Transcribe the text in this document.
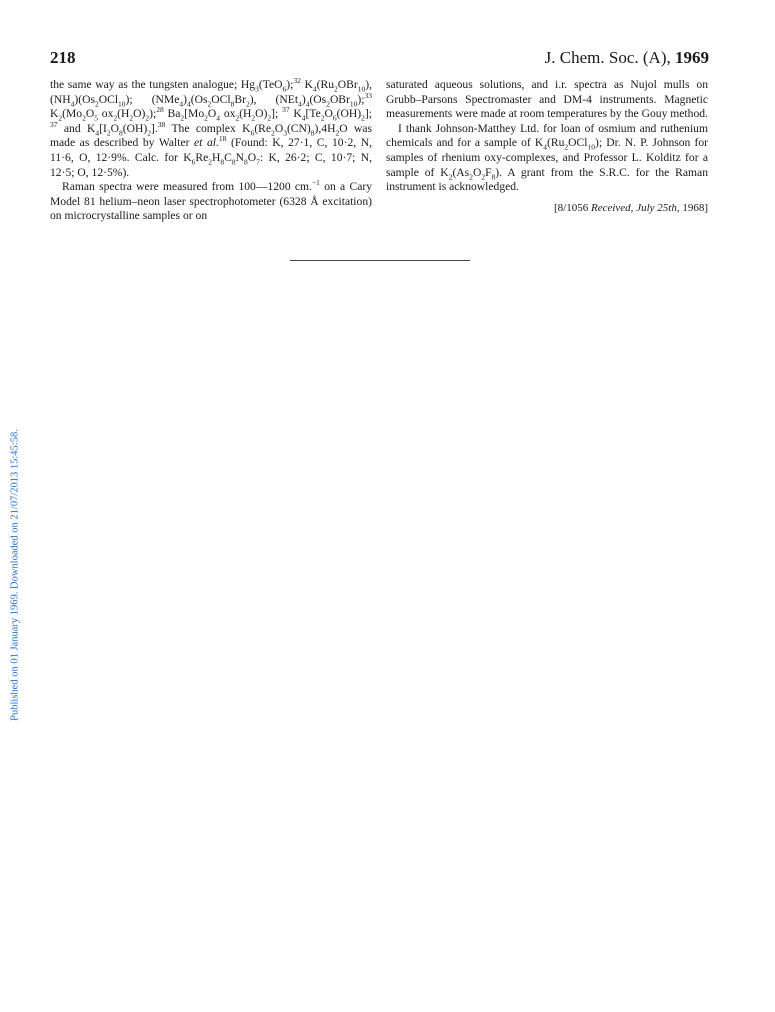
218	J. Chem. Soc. (A), 1969
Published on 01 January 1969. Downloaded on 21/07/2013 15:45:58.

the same way as the tungsten analogue; $Hg_3(TeO_6);^{32}$ $K_4(Ru_2OBr_{10})$, $(NH_4)(Os_2OCl_{10})$; $(NMe_4)_4(Os_2OCl_8Br_2)$, $(NEt_4)_4(Os_2OBr_{10});^{33}$ $K_2(Mo_2O_5$ $ox_2(H_2O)_2);^{28}$ $Ba_2[Mo_2O_4$ $ox_2(H_2O)_2$]; $^{37}$ $K_4[Te_2O_6(OH)_2]$; $^{37}$ and $K_4[I_2O_8(OH)_2].^{38}$ The complex $K_6(Re_2O_3(CN)_8),4H_2O$ was made as described by Walter et al.$^{18}$ (Found: K, 27·1, C, 10·2, N, 11·6, O, 12·9%. Calc. for $K_6Re_2H_8C_8N_8O_7$: K, 26·2; C, 10·7; N, 12·5; O, 12·5%).

Raman spectra were measured from 100—1200 cm.$^{-1}$ on a Cary Model 81 helium–neon laser spectrophotometer (6328 Å excitation) on microcrystalline samples or on

saturated aqueous solutions, and i.r. spectra as Nujol mulls on Grubb–Parsons Spectromaster and DM-4 instruments. Magnetic measurements were made at room temperatures by the Gouy method.

I thank Johnson-Matthey Ltd. for loan of osmium and ruthenium chemicals and for a sample of $K_4(Ru_2OCl_{10})$; Dr. N. P. Johnson for samples of rhenium oxy-complexes, and Professor L. Kolditz for a sample of $K_2(As_2O_2F_8)$. A grant from the S.R.C. for the Raman instrument is acknowledged.

[8/1056 Received, July 25th, 1968]
